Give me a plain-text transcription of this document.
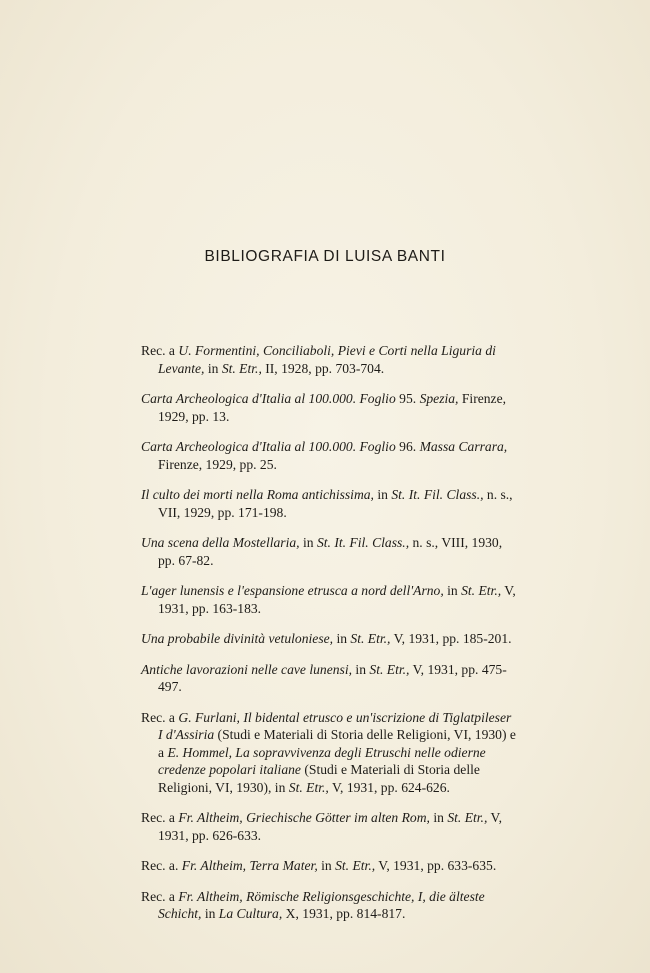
BIBLIOGRAFIA DI LUISA BANTI
Rec. a U. Formentini, Conciliaboli, Pievi e Corti nella Liguria di Levante, in St. Etr., II, 1928, pp. 703-704.
Carta Archeologica d'Italia al 100.000. Foglio 95. Spezia, Firenze, 1929, pp. 13.
Carta Archeologica d'Italia al 100.000. Foglio 96. Massa Carrara, Firenze, 1929, pp. 25.
Il culto dei morti nella Roma antichissima, in St. It. Fil. Class., n. s., VII, 1929, pp. 171-198.
Una scena della Mostellaria, in St. It. Fil. Class., n. s., VIII, 1930, pp. 67-82.
L'ager lunensis e l'espansione etrusca a nord dell'Arno, in St. Etr., V, 1931, pp. 163-183.
Una probabile divinità vetuloniese, in St. Etr., V, 1931, pp. 185-201.
Antiche lavorazioni nelle cave lunensi, in St. Etr., V, 1931, pp. 475-497.
Rec. a G. Furlani, Il bidental etrusco e un'iscrizione di Tiglatpileser I d'Assiria (Studi e Materiali di Storia delle Religioni, VI, 1930) e a E. Hommel, La sopravvivenza degli Etruschi nelle odierne credenze popolari italiane (Studi e Materiali di Storia delle Religioni, VI, 1930), in St. Etr., V, 1931, pp. 624-626.
Rec. a Fr. Altheim, Griechische Götter im alten Rom, in St. Etr., V, 1931, pp. 626-633.
Rec. a. Fr. Altheim, Terra Mater, in St. Etr., V, 1931, pp. 633-635.
Rec. a Fr. Altheim, Römische Religionsgeschichte, I, die älteste Schicht, in La Cultura, X, 1931, pp. 814-817.
